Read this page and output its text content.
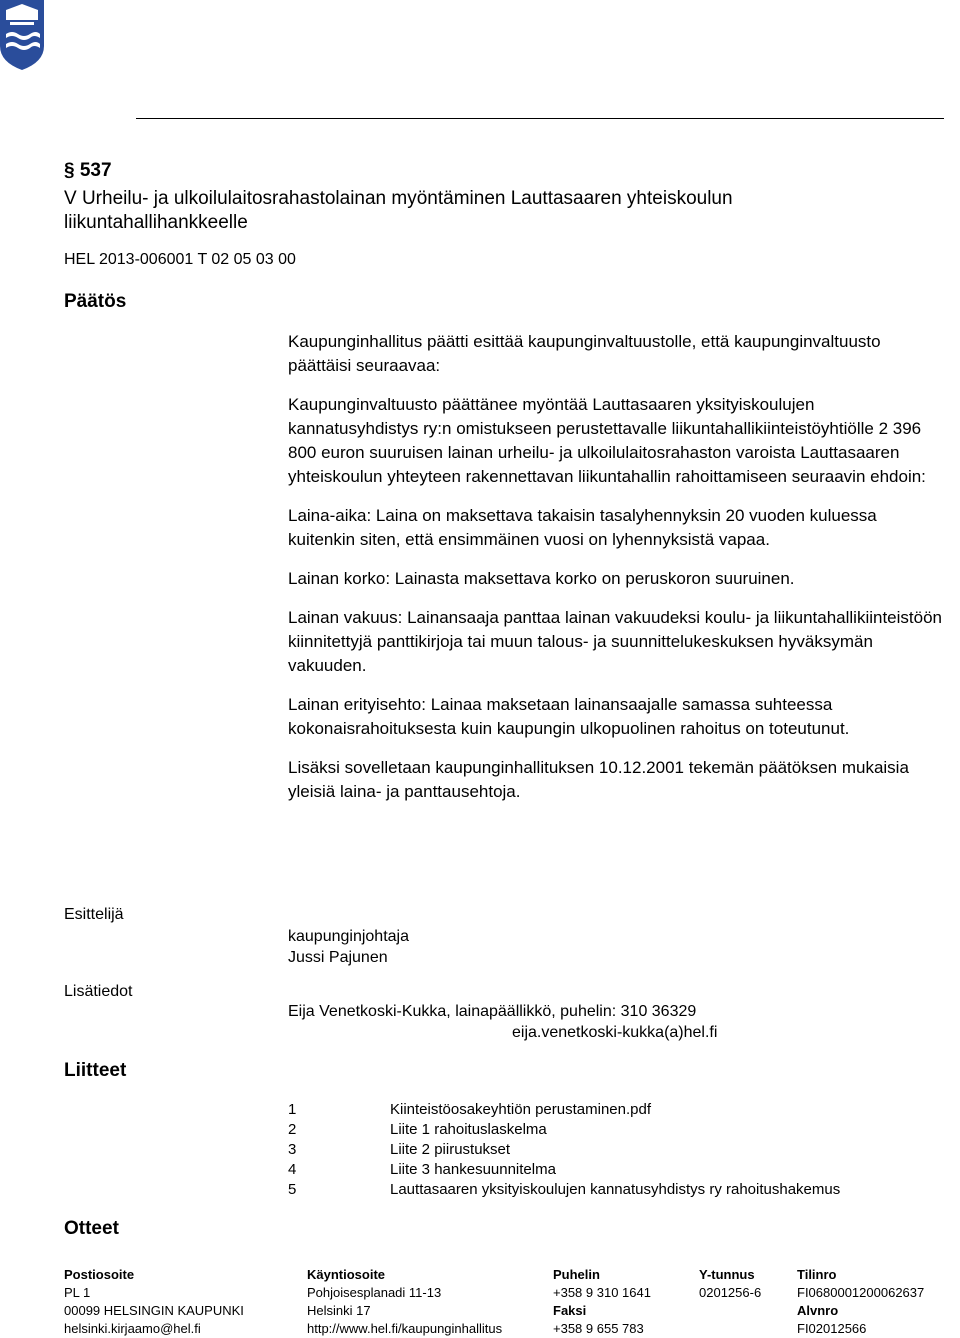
Helsingin kaupunki
Kaupunginhallitus
Pöytäkirja	18/2013	3 (223)
Kj/1
06.05.2013
§ 537
V Urheilu- ja ulkoilulaitosrahastolainan myöntäminen Lauttasaaren yhteiskoulun liikuntahallihankkeelle
HEL 2013-006001 T 02 05 03 00
Päätös

Kaupunginhallitus päätti esittää kaupunginvaltuustolle, että kaupunginvaltuusto päättäisi seuraavaa:

Kaupunginvaltuusto päättänee myöntää Lauttasaaren yksityiskoulujen kannatusyhdistys ry:n omistukseen perustettavalle liikuntahallikiinteistöyhtiölle 2 396 800 euron suuruisen lainan urheilu- ja ulkoilulaitosrahaston varoista Lauttasaaren yhteiskoulun yhteyteen rakennettavan liikuntahallin rahoittamiseen seuraavin ehdoin:

Laina-aika: Laina on maksettava takaisin tasalyhennyksin 20 vuoden kuluessa kuitenkin siten, että ensimmäinen vuosi on lyhennyksistä vapaa.

Lainan korko: Lainasta maksettava korko on peruskoron suuruinen.

Lainan vakuus: Lainansaaja panttaa lainan vakuudeksi koulu- ja liikuntahallikiinteistöön kiinnitettyjä panttikirjoja tai muun talous- ja suunnittelukeskuksen hyväksymän vakuuden.

Lainan erityisehto: Lainaa maksetaan lainansaajalle samassa suhteessa kokonaisrahoituksesta kuin kaupungin ulkopuolinen rahoitus on toteutunut.

Lisäksi sovelletaan kaupunginhallituksen 10.12.2001 tekemän päätöksen mukaisia yleisiä laina- ja panttausehtoja.

Esittelijä
kaupunginjohtaja
Jussi Pajunen
Lisätiedot
Eija Venetkoski-Kukka, lainapäällikkö, puhelin: 310 36329
eija.venetkoski-kukka(a)hel.fi
Liitteet
1	Kiinteistöosakeyhtiön perustaminen.pdf
2	Liite 1 rahoituslaskelma
3	Liite 2 piirustukset
4	Liite 3 hankesuunnitelma
5	Lauttasaaren yksityiskoulujen kannatusyhdistys ry rahoitushakemus
Otteet
Postiosoite
PL 1
00099 HELSINGIN KAUPUNKI
helsinki.kirjaamo@hel.fi
Käyntiosoite
Pohjoisesplanadi 11-13
Helsinki 17
http://www.hel.fi/kaupunginhallitus
Puhelin
+358 9 310 1641
Faksi
+358 9 655 783
Y-tunnus
0201256-6
Tilinro
FI0680001200062637
Alvnro
FI02012566
